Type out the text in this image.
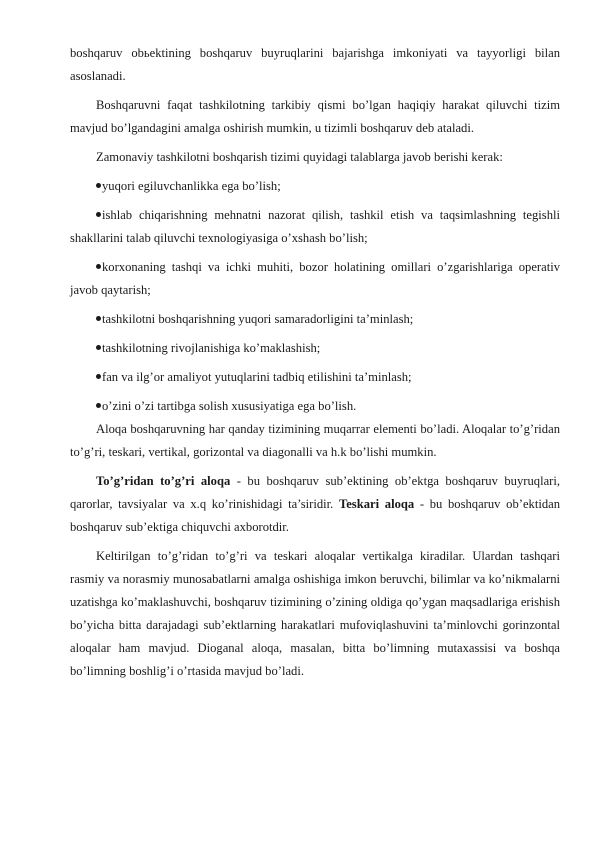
boshqaruv obьektining boshqaruv buyruqlarini bajarishga imkoniyati va tayyorligi bilan asoslanadi.

Boshqaruvni faqat tashkilotning tarkibiy qismi bo’lgan haqiqiy harakat qiluvchi tizim mavjud bo’lgandagini amalga oshirish mumkin, u tizimli boshqaruv deb ataladi.

Zamonaviy tashkilotni boshqarish tizimi quyidagi talablarga javob berishi kerak:

yuqori egiluvchanlikka ega bo’lish;

ishlab chiqarishning mehnatni nazorat qilish, tashkil etish va taqsimlashning tegishli shakllarini talab qiluvchi texnologiyasiga o’xshash bo’lish;

korxonaning tashqi va ichki muhiti, bozor holatining omillari o’zgarishlariga operativ javob qaytarish;

tashkilotni boshqarishning yuqori samaradorligini ta’minlash;

tashkilotning rivojlanishiga ko’maklashish;

fan va ilg’or amaliyot yutuqlarini tadbiq etilishini ta’minlash;

o’zini o’zi tartibga solish xususiyatiga ega bo’lish.

Aloqa boshqaruvning har qanday tizimining muqarrar elementi bo’ladi. Aloqalar to’g’ridan to’g’ri, teskari, vertikal, gorizontal va diagonalli va h.k bo’lishi mumkin.

To’g’ridan to’g’ri aloqa - bu boshqaruv sub’ektining ob’ektga boshqaruv buyruqlari, qarorlar, tavsiyalar va x.q ko’rinishidagi ta’siridir. Teskari aloqa - bu boshqaruv ob’ektidan boshqaruv sub’ektiga chiquvchi axborotdir.

Keltirilgan to’g’ridan to’g’ri va teskari aloqalar vertikalga kiradilar. Ulardan tashqari rasmiy va norasmiy munosabatlarni amalga oshishiga imkon beruvchi, bilimlar va ko’nikmalarni uzatishga ko’maklashuvchi, boshqaruv tizimining o’zining oldiga qo’ygan maqsadlariga erishish bo’yicha bitta darajadagi sub’ektlarning harakatlari mufoviqlashuvini ta’minlovchi gorinzontal aloqalar ham mavjud. Dioganal aloqa, masalan, bitta bo’limning mutaxassisi va boshqa bo’limning boshlig’i o’rtasida mavjud bo’ladi.
